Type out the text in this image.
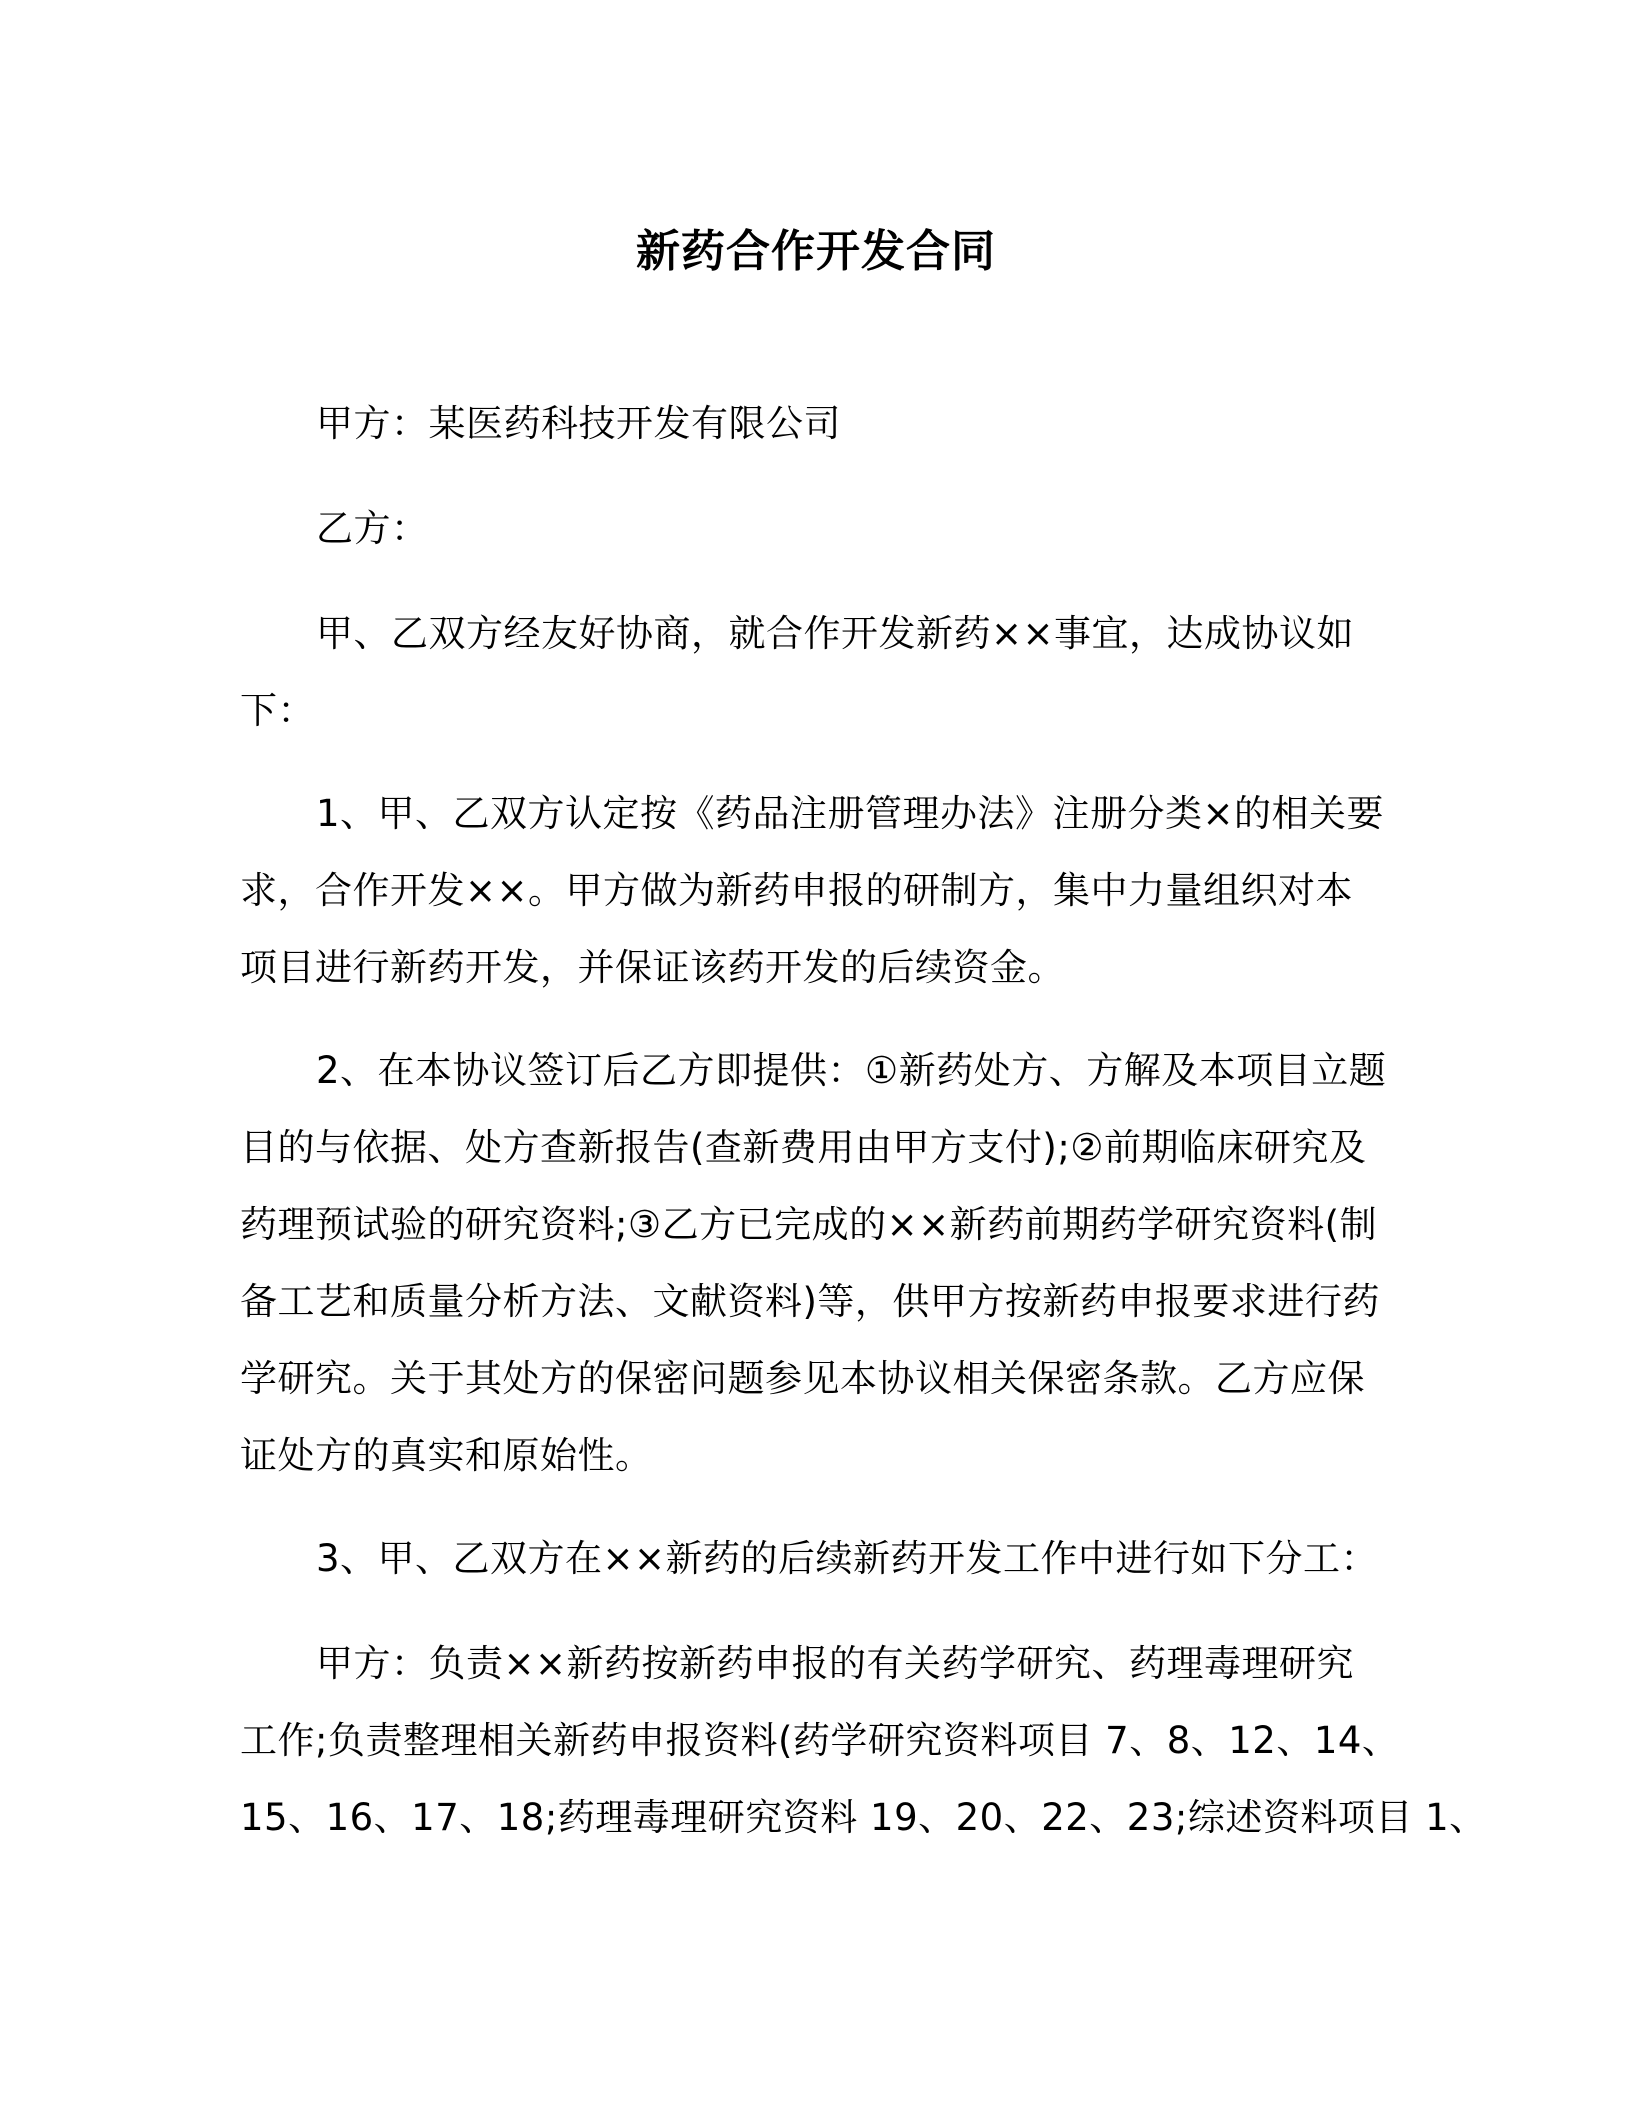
新药合作开发合同
甲方：某医药科技开发有限公司
乙方：
甲、乙双方经友好协商，就合作开发新药××事宜，达成协议如
下：
1、甲、乙双方认定按《药品注册管理办法》注册分类×的相关要
求，合作开发××。甲方做为新药申报的研制方，集中力量组织对本
项目进行新药开发，并保证该药开发的后续资金。
2、在本协议签订后乙方即提供：①新药处方、方解及本项目立题
目的与依据、处方查新报告(查新费用由甲方支付);②前期临床研究及
药理预试验的研究资料;③乙方已完成的××新药前期药学研究资料(制
备工艺和质量分析方法、文献资料)等，供甲方按新药申报要求进行药
学研究。关于其处方的保密问题参见本协议相关保密条款。乙方应保
证处方的真实和原始性。
3、甲、乙双方在××新药的后续新药开发工作中进行如下分工：
甲方：负责××新药按新药申报的有关药学研究、药理毒理研究
工作;负责整理相关新药申报资料(药学研究资料项目 7、8、12、14、
15、16、17、18;药理毒理研究资料 19、20、22、23;综述资料项目 1、
